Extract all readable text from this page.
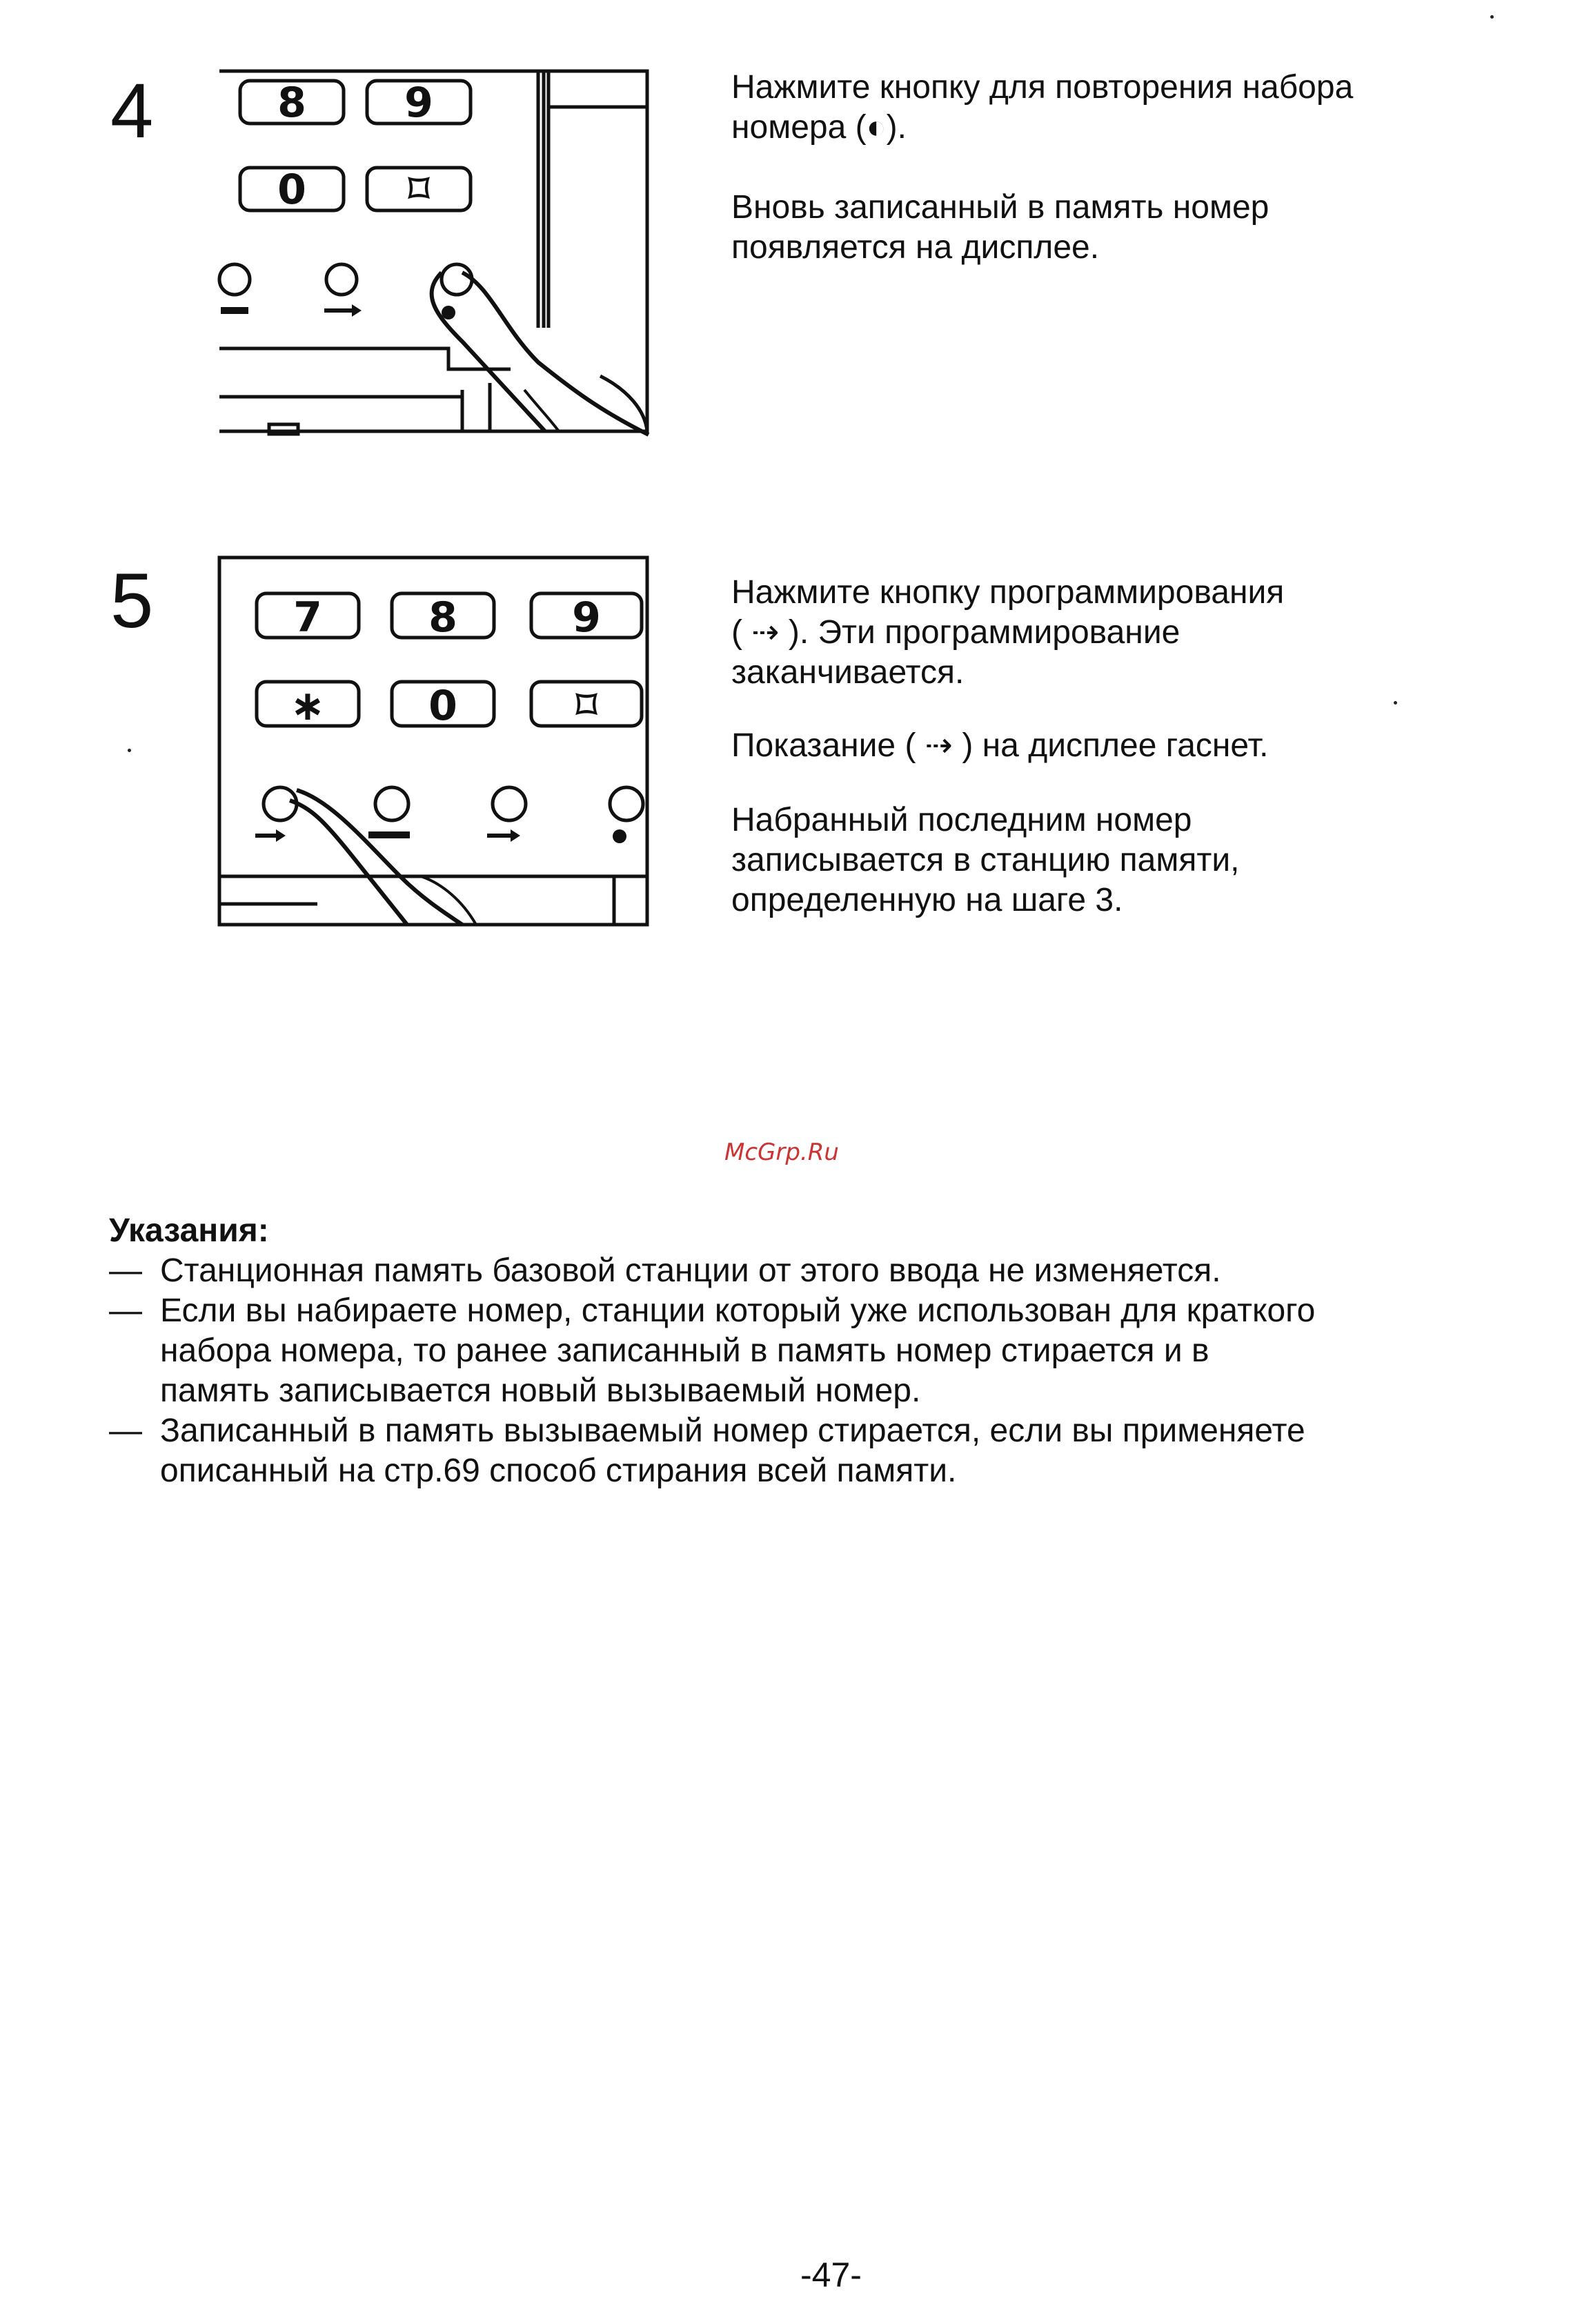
4	8 9
0 ⌑
Нажмите кнопку для повторения набора
номера (◐).
Вновь записанный в память номер
появляется на дисплее.
5	7	8	9
∗ 0	⌑
Нажмите кнопку программирования
( ⇢ ). Эти программирование
заканчивается.
Показание ( ⇢ ) на дисплее гаснет.
Набранный последним номер
записывается в станцию памяти,
определенную на шаге 3.
McGrp.Ru
Указания:
— Станционная память базовой станции от этого ввода не изменяется.
— Если вы набираете номер, станции который уже использован для краткого
набора номера, то ранее записанный в память номер стирается и в
память записывается новый вызываемый номер.
— Записанный в память вызываемый номер стирается, если вы применяете
описанный на стр.69 способ стирания всей памяти.
-47-
